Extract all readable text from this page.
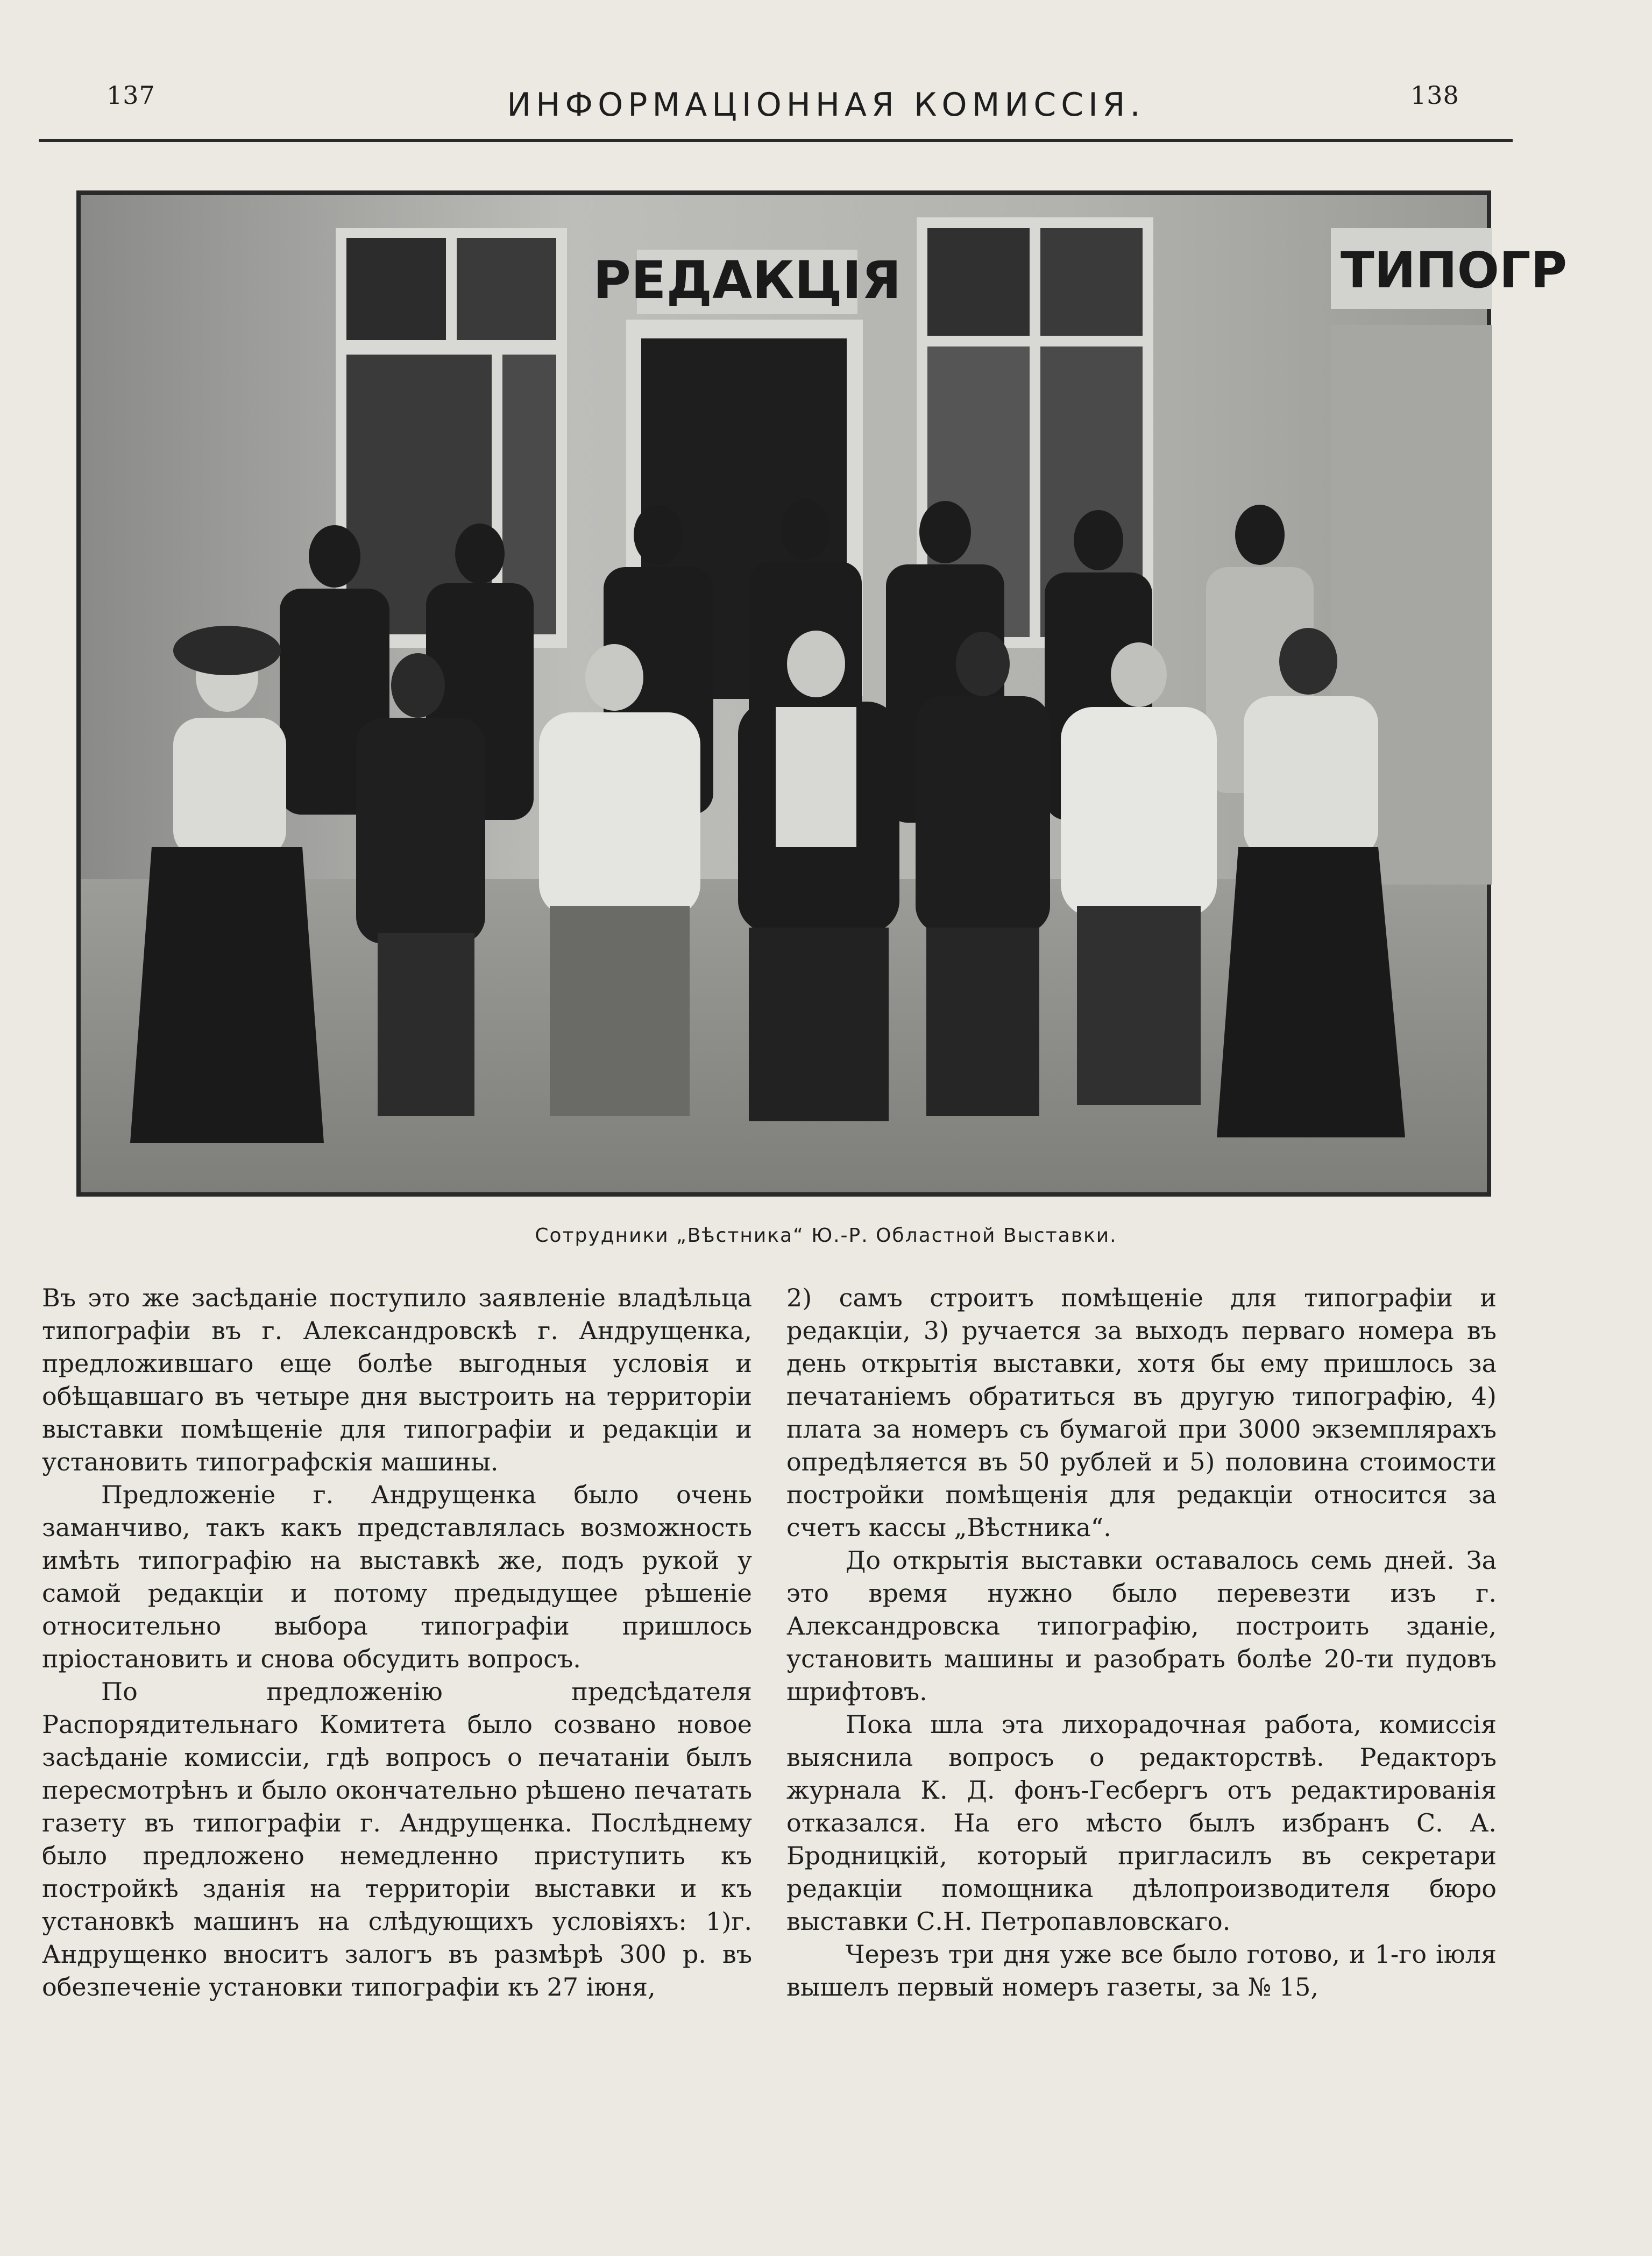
137	ИНФОРМАЦІОННАЯ КОМИССІЯ.	138
РЕДАКЦІЯ	ТИПОГР
Сотрудники „Вѣстника“ Ю.-Р. Областной Выставки.

Въ это же засѣданіе поступило заявленіе владѣльца типографіи въ г. Александровскѣ г. Андрущенка, предложившаго еще болѣе выгодныя условія и обѣщавшаго въ четыре дня выстроить на территоріи выставки помѣщеніе для типографіи и редакціи и установить типографскія машины.

Предложеніе г. Андрущенка было очень заманчиво, такъ какъ представлялась возможность имѣть типографію на выставкѣ же, подъ рукой у самой редакціи и потому предыдущее рѣшеніе относительно выбора типографіи пришлось пріостановить и снова обсудить вопросъ.

По предложенію предсѣдателя Распорядительнаго Комитета было созвано новое засѣданіе комиссіи, гдѣ вопросъ о печатаніи былъ пересмотрѣнъ и было окончательно рѣшено печатать газету въ типографіи г. Андрущенка. Послѣднему было предложено немедленно приступить къ постройкѣ зданія на территоріи выставки и къ установкѣ машинъ на слѣдующихъ условіяхъ: 1)г. Андрущенко вноситъ залогъ въ размѣрѣ 300 р. въ обезпеченіе установки типографіи къ 27 іюня,

2) самъ строитъ помѣщеніе для типографіи и редакціи, 3) ручается за выходъ перваго номера въ день открытія выставки, хотя бы ему пришлось за печатаніемъ обратиться въ другую типографію, 4) плата за номеръ съ бумагой при 3000 экземплярахъ опредѣляется въ 50 рублей и 5) половина стоимости постройки помѣщенія для редакціи относится за счетъ кассы „Вѣстника“.

До открытія выставки оставалось семь дней. За это время нужно было перевезти изъ г. Александровска типографію, построить зданіе, установить машины и разобрать болѣе 20-ти пудовъ шрифтовъ.

Пока шла эта лихорадочная работа, комиссія выяснила вопросъ о редакторствѣ. Редакторъ журнала К. Д. фонъ-Гесбергъ отъ редактированія отказался. На его мѣсто былъ избранъ С. А. Бродницкій, который пригласилъ въ секретари редакціи помощника дѣлопроизводителя бюро выставки С.Н. Петропавловскаго.

Черезъ три дня уже все было готово, и 1-го іюля вышелъ первый номеръ газеты, за № 15,
